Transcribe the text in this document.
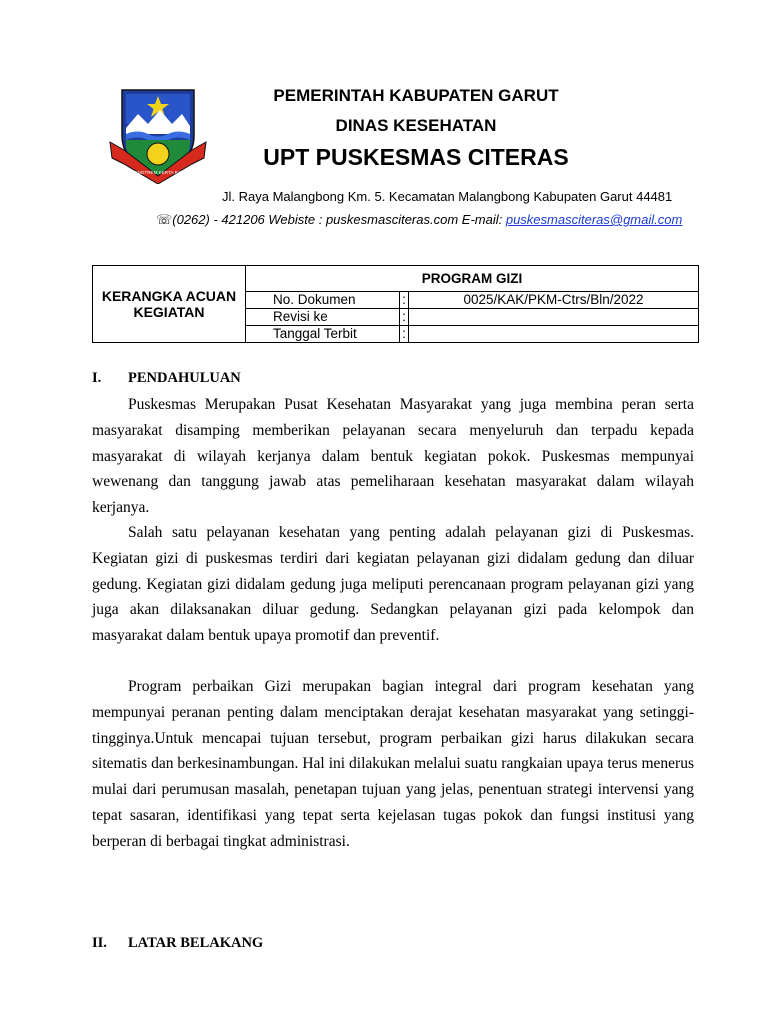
TATA TENGTREM KERTA RAHARJA
PEMERINTAH KABUPATEN GARUT
DINAS KESEHATAN
UPT PUSKESMAS CITERAS
Jl. Raya Malangbong Km. 5. Kecamatan Malangbong Kabupaten Garut 44481
☏(0262) - 421206 Webiste : puskesmasciteras.com E-mail: puskesmasciteras@gmail.com
KERANGKA ACUAN KEGIATAN	PROGRAM GIZI		
	No. Dokumen	:	0025/KAK/PKM-Ctrs/Bln/2022
	Revisi ke	:	
	Tanggal Terbit	:	
I. PENDAHULUAN
Puskesmas Merupakan Pusat Kesehatan Masyarakat yang juga membina peran serta masyarakat disamping memberikan pelayanan secara menyeluruh dan terpadu kepada masyarakat di wilayah kerjanya dalam bentuk kegiatan pokok. Puskesmas mempunyai wewenang dan tanggung jawab atas pemeliharaan kesehatan masyarakat dalam wilayah kerjanya.
Salah satu pelayanan kesehatan yang penting adalah pelayanan gizi di Puskesmas. Kegiatan gizi di puskesmas terdiri dari kegiatan pelayanan gizi didalam gedung dan diluar gedung. Kegiatan gizi didalam gedung juga meliputi perencanaan program pelayanan gizi yang juga akan dilaksanakan diluar gedung. Sedangkan pelayanan gizi pada kelompok dan masyarakat dalam bentuk upaya promotif dan preventif.
Program perbaikan Gizi merupakan bagian integral dari program kesehatan yang mempunyai peranan penting dalam menciptakan derajat kesehatan masyarakat yang setinggi-tingginya.Untuk mencapai tujuan tersebut, program perbaikan gizi harus dilakukan secara sitematis dan berkesinambungan. Hal ini dilakukan melalui suatu rangkaian upaya terus menerus mulai dari perumusan masalah, penetapan tujuan yang jelas, penentuan strategi intervensi yang tepat sasaran, identifikasi yang tepat serta kejelasan tugas pokok dan fungsi institusi yang berperan di berbagai tingkat administrasi.
II. LATAR BELAKANG
